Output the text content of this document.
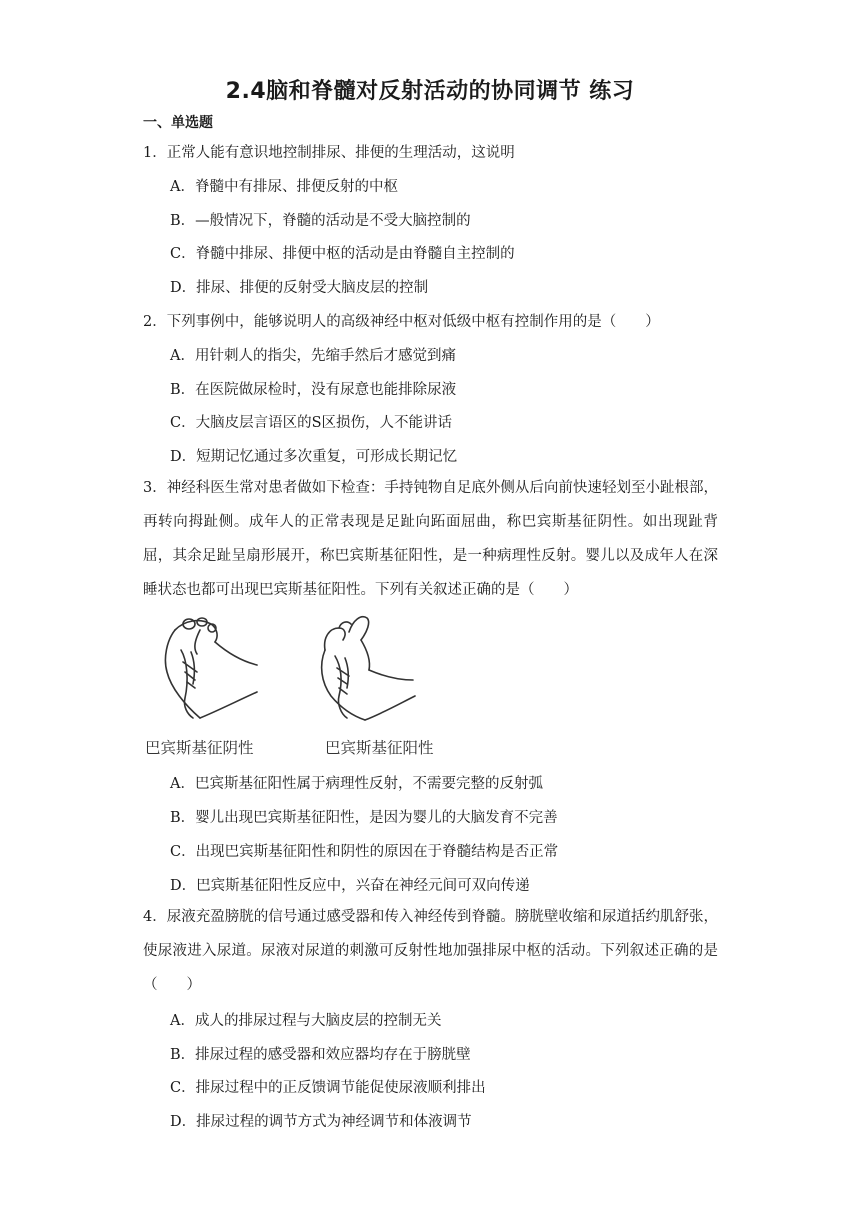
2.4脑和脊髓对反射活动的协同调节 练习
一、单选题
1．正常人能有意识地控制排尿、排便的生理活动，这说明
A．脊髓中有排尿、排便反射的中枢
B．—般情况下，脊髓的活动是不受大脑控制的
C．脊髓中排尿、排便中枢的活动是由脊髓自主控制的
D．排尿、排便的反射受大脑皮层的控制
2．下列事例中，能够说明人的高级神经中枢对低级中枢有控制作用的是（　　）
A．用针刺人的指尖，先缩手然后才感觉到痛
B．在医院做尿检时，没有尿意也能排除尿液
C．大脑皮层言语区的S区损伤，人不能讲话
D．短期记忆通过多次重复，可形成长期记忆
3．神经科医生常对患者做如下检查：手持钝物自足底外侧从后向前快速轻划至小趾根部，再转向拇趾侧。成年人的正常表现是足趾向跖面屈曲，称巴宾斯基征阴性。如出现趾背屈，其余足趾呈扇形展开，称巴宾斯基征阳性，是一种病理性反射。婴儿以及成年人在深睡状态也都可出现巴宾斯基征阳性。下列有关叙述正确的是（　　）
巴宾斯基征阴性	巴宾斯基征阳性
A．巴宾斯基征阳性属于病理性反射，不需要完整的反射弧
B．婴儿出现巴宾斯基征阳性，是因为婴儿的大脑发育不完善
C．出现巴宾斯基征阳性和阴性的原因在于脊髓结构是否正常
D．巴宾斯基征阳性反应中，兴奋在神经元间可双向传递
4．尿液充盈膀胱的信号通过感受器和传入神经传到脊髓。膀胱壁收缩和尿道括约肌舒张，使尿液进入尿道。尿液对尿道的刺激可反射性地加强排尿中枢的活动。下列叙述正确的是（　　）
A．成人的排尿过程与大脑皮层的控制无关
B．排尿过程的感受器和效应器均存在于膀胱壁
C．排尿过程中的正反馈调节能促使尿液顺利排出
D．排尿过程的调节方式为神经调节和体液调节
